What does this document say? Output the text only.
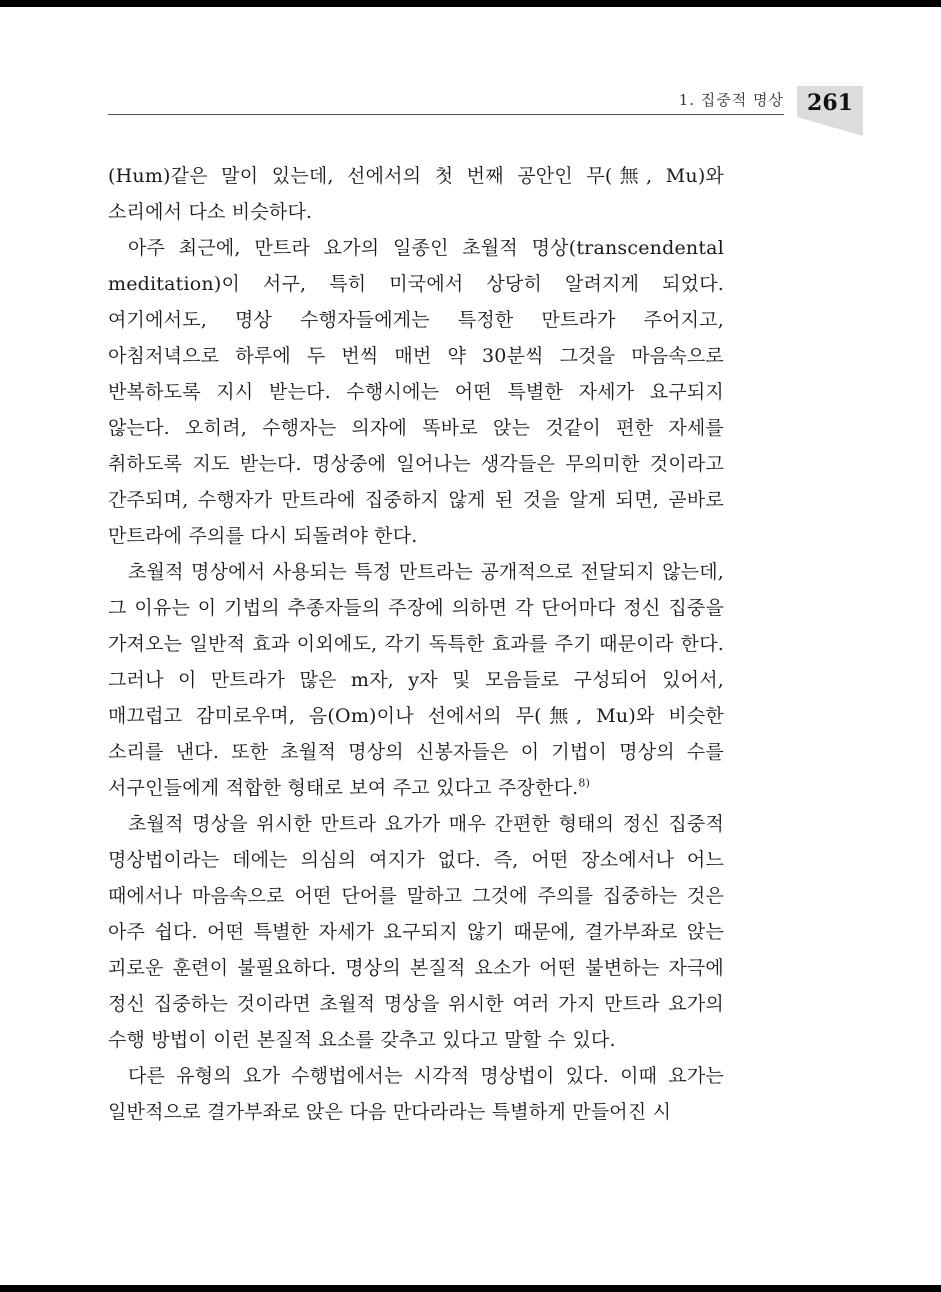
1. 집중적 명상	261

(Hum)같은 말이 있는데, 선에서의 첫 번째 공안인 무(無, Mu)와 소리에서 다소 비슷하다.

아주 최근에, 만트라 요가의 일종인 초월적 명상(transcendental meditation)이 서구, 특히 미국에서 상당히 알려지게 되었다. 여기에서도, 명상 수행자들에게는 특정한 만트라가 주어지고, 아침저녁으로 하루에 두 번씩 매번 약 30분씩 그것을 마음속으로 반복하도록 지시 받는다. 수행시에는 어떤 특별한 자세가 요구되지 않는다. 오히려, 수행자는 의자에 똑바로 앉는 것같이 편한 자세를 취하도록 지도 받는다. 명상중에 일어나는 생각들은 무의미한 것이라고 간주되며, 수행자가 만트라에 집중하지 않게 된 것을 알게 되면, 곧바로 만트라에 주의를 다시 되돌려야 한다.

초월적 명상에서 사용되는 특정 만트라는 공개적으로 전달되지 않는데, 그 이유는 이 기법의 추종자들의 주장에 의하면 각 단어마다 정신 집중을 가져오는 일반적 효과 이외에도, 각기 독특한 효과를 주기 때문이라 한다. 그러나 이 만트라가 많은 m자, y자 및 모음들로 구성되어 있어서, 매끄럽고 감미로우며, 음(Om)이나 선에서의 무(無, Mu)와 비슷한 소리를 낸다. 또한 초월적 명상의 신봉자들은 이 기법이 명상의 수를 서구인들에게 적합한 형태로 보여 주고 있다고 주장한다.$^{8)}$

초월적 명상을 위시한 만트라 요가가 매우 간편한 형태의 정신 집중적 명상법이라는 데에는 의심의 여지가 없다. 즉, 어떤 장소에서나 어느 때에서나 마음속으로 어떤 단어를 말하고 그것에 주의를 집중하는 것은 아주 쉽다. 어떤 특별한 자세가 요구되지 않기 때문에, 결가부좌로 앉는 괴로운 훈련이 불필요하다. 명상의 본질적 요소가 어떤 불변하는 자극에 정신 집중하는 것이라면 초월적 명상을 위시한 여러 가지 만트라 요가의 수행 방법이 이런 본질적 요소를 갖추고 있다고 말할 수 있다.

다른 유형의 요가 수행법에서는 시각적 명상법이 있다. 이때 요가는 일반적으로 결가부좌로 앉은 다음 만다라라는 특별하게 만들어진 시
